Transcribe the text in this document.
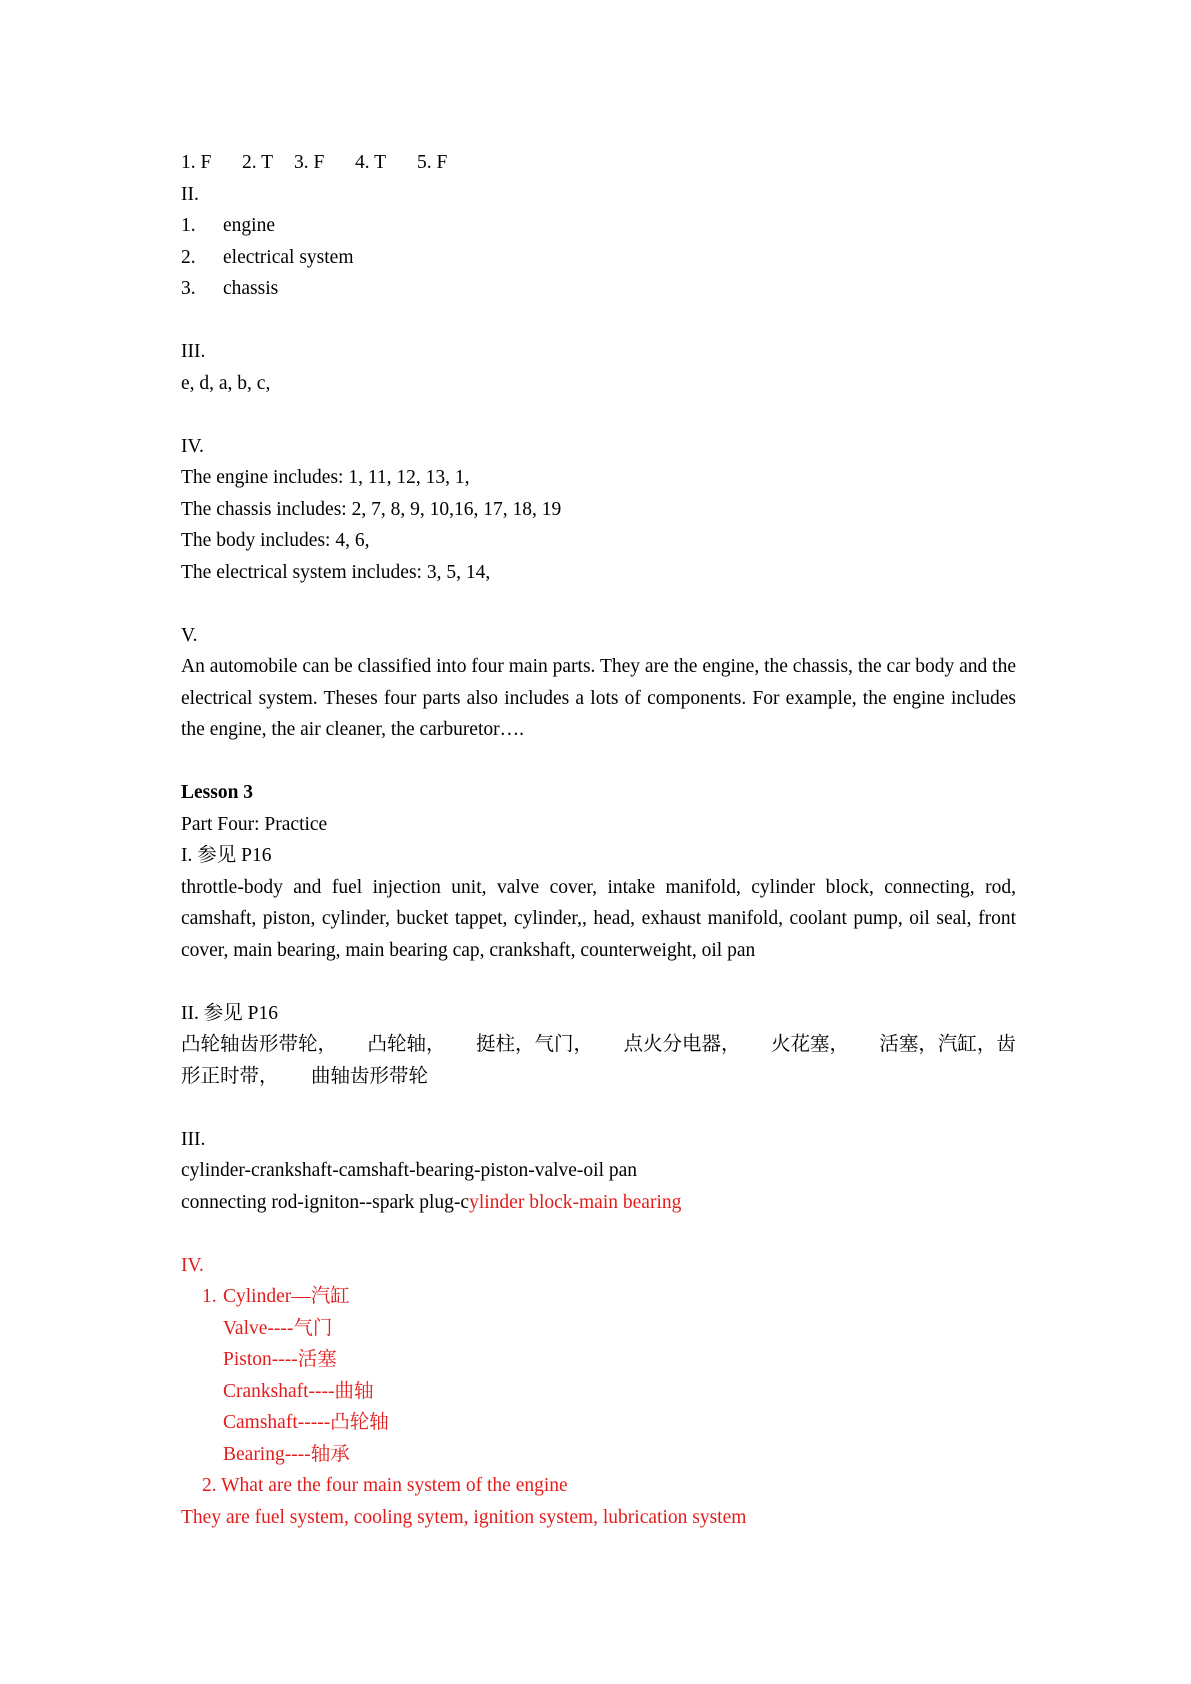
1. F 2. T 3. F 4. T 5. F
II.
1. engine
2. electrical system
3. chassis
III.
e, d, a, b, c,
IV.
The engine includes: 1, 11, 12, 13, 1,
The chassis includes: 2, 7, 8, 9, 10,16, 17, 18, 19
The body includes: 4, 6,
The electrical system includes: 3, 5, 14,
V.
An automobile can be classified into four main parts. They are the engine, the chassis, the car body and the electrical system. Theses four parts also includes a lots of components. For example, the engine includes the engine, the air cleaner, the carburetor….
Lesson 3
Part Four: Practice
I. 参见 P16
throttle-body and fuel injection unit, valve cover, intake manifold, cylinder block, connecting, rod, camshaft, piston, cylinder, bucket tappet, cylinder,, head, exhaust manifold, coolant pump, oil seal, front cover, main bearing, main bearing cap, crankshaft, counterweight, oil pan
II. 参见 P16
凸轮轴齿形带轮， 凸轮轴， 挺柱，气门， 点火分电器， 火花塞， 活塞，汽缸，齿
形正时带， 曲轴齿形带轮
III.
cylinder-crankshaft-camshaft-bearing-piston-valve-oil pan
connecting rod-igniton--spark plug-cylinder block-main bearing
IV.
1. Cylinder—汽缸
Valve----气门
Piston----活塞
Crankshaft----曲轴
Camshaft-----凸轮轴
Bearing----轴承
2. What are the four main system of the engine
They are fuel system, cooling sytem, ignition system, lubrication system
